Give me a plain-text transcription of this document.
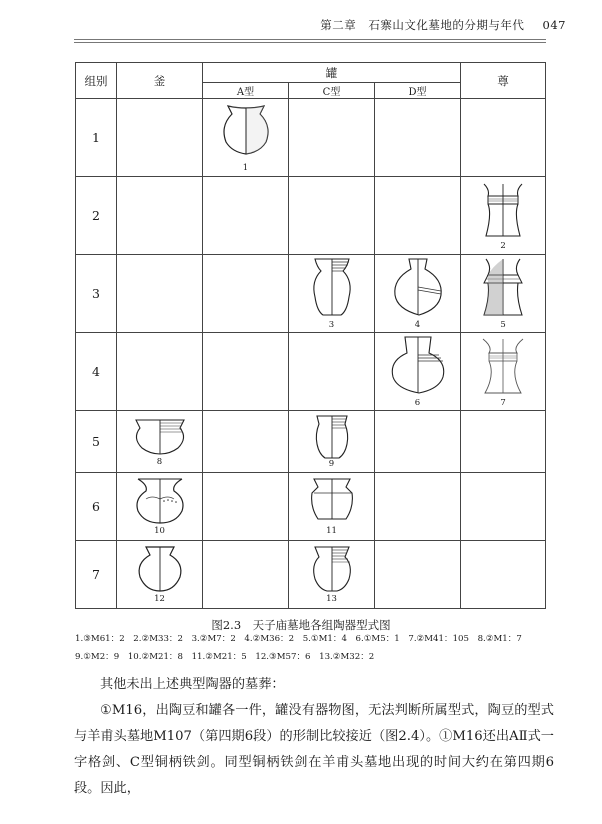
第二章 石寨山文化墓地的分期与年代 047
组别	釜	罐			尊
		A型	C型	D型	
1		1			

2					2

3			3	4	5

4				6	7

5	8		9		

6	10		11		

7	12		13		

图2.3　天子庙墓地各组陶器型式图
1.③M61：2　2.②M33：2　3.②M7：2　4.②M36：2　5.①M1：4　6.①M5：1　7.②M41：105　8.②M1：7
9.①M2：9　10.②M21：8　11.②M21：5　12.③M57：6　13.②M32：2
其他未出上述典型陶器的墓葬：
①M16，出陶豆和罐各一件，罐没有器物图，无法判断所属型式，陶豆的型式与羊甫头墓地M107（第四期6段）的形制比较接近（图2.4）。①M16还出AⅡ式一字格剑、C型铜柄铁剑。同型铜柄铁剑在羊甫头墓地出现的时间大约在第四期6段。因此，
